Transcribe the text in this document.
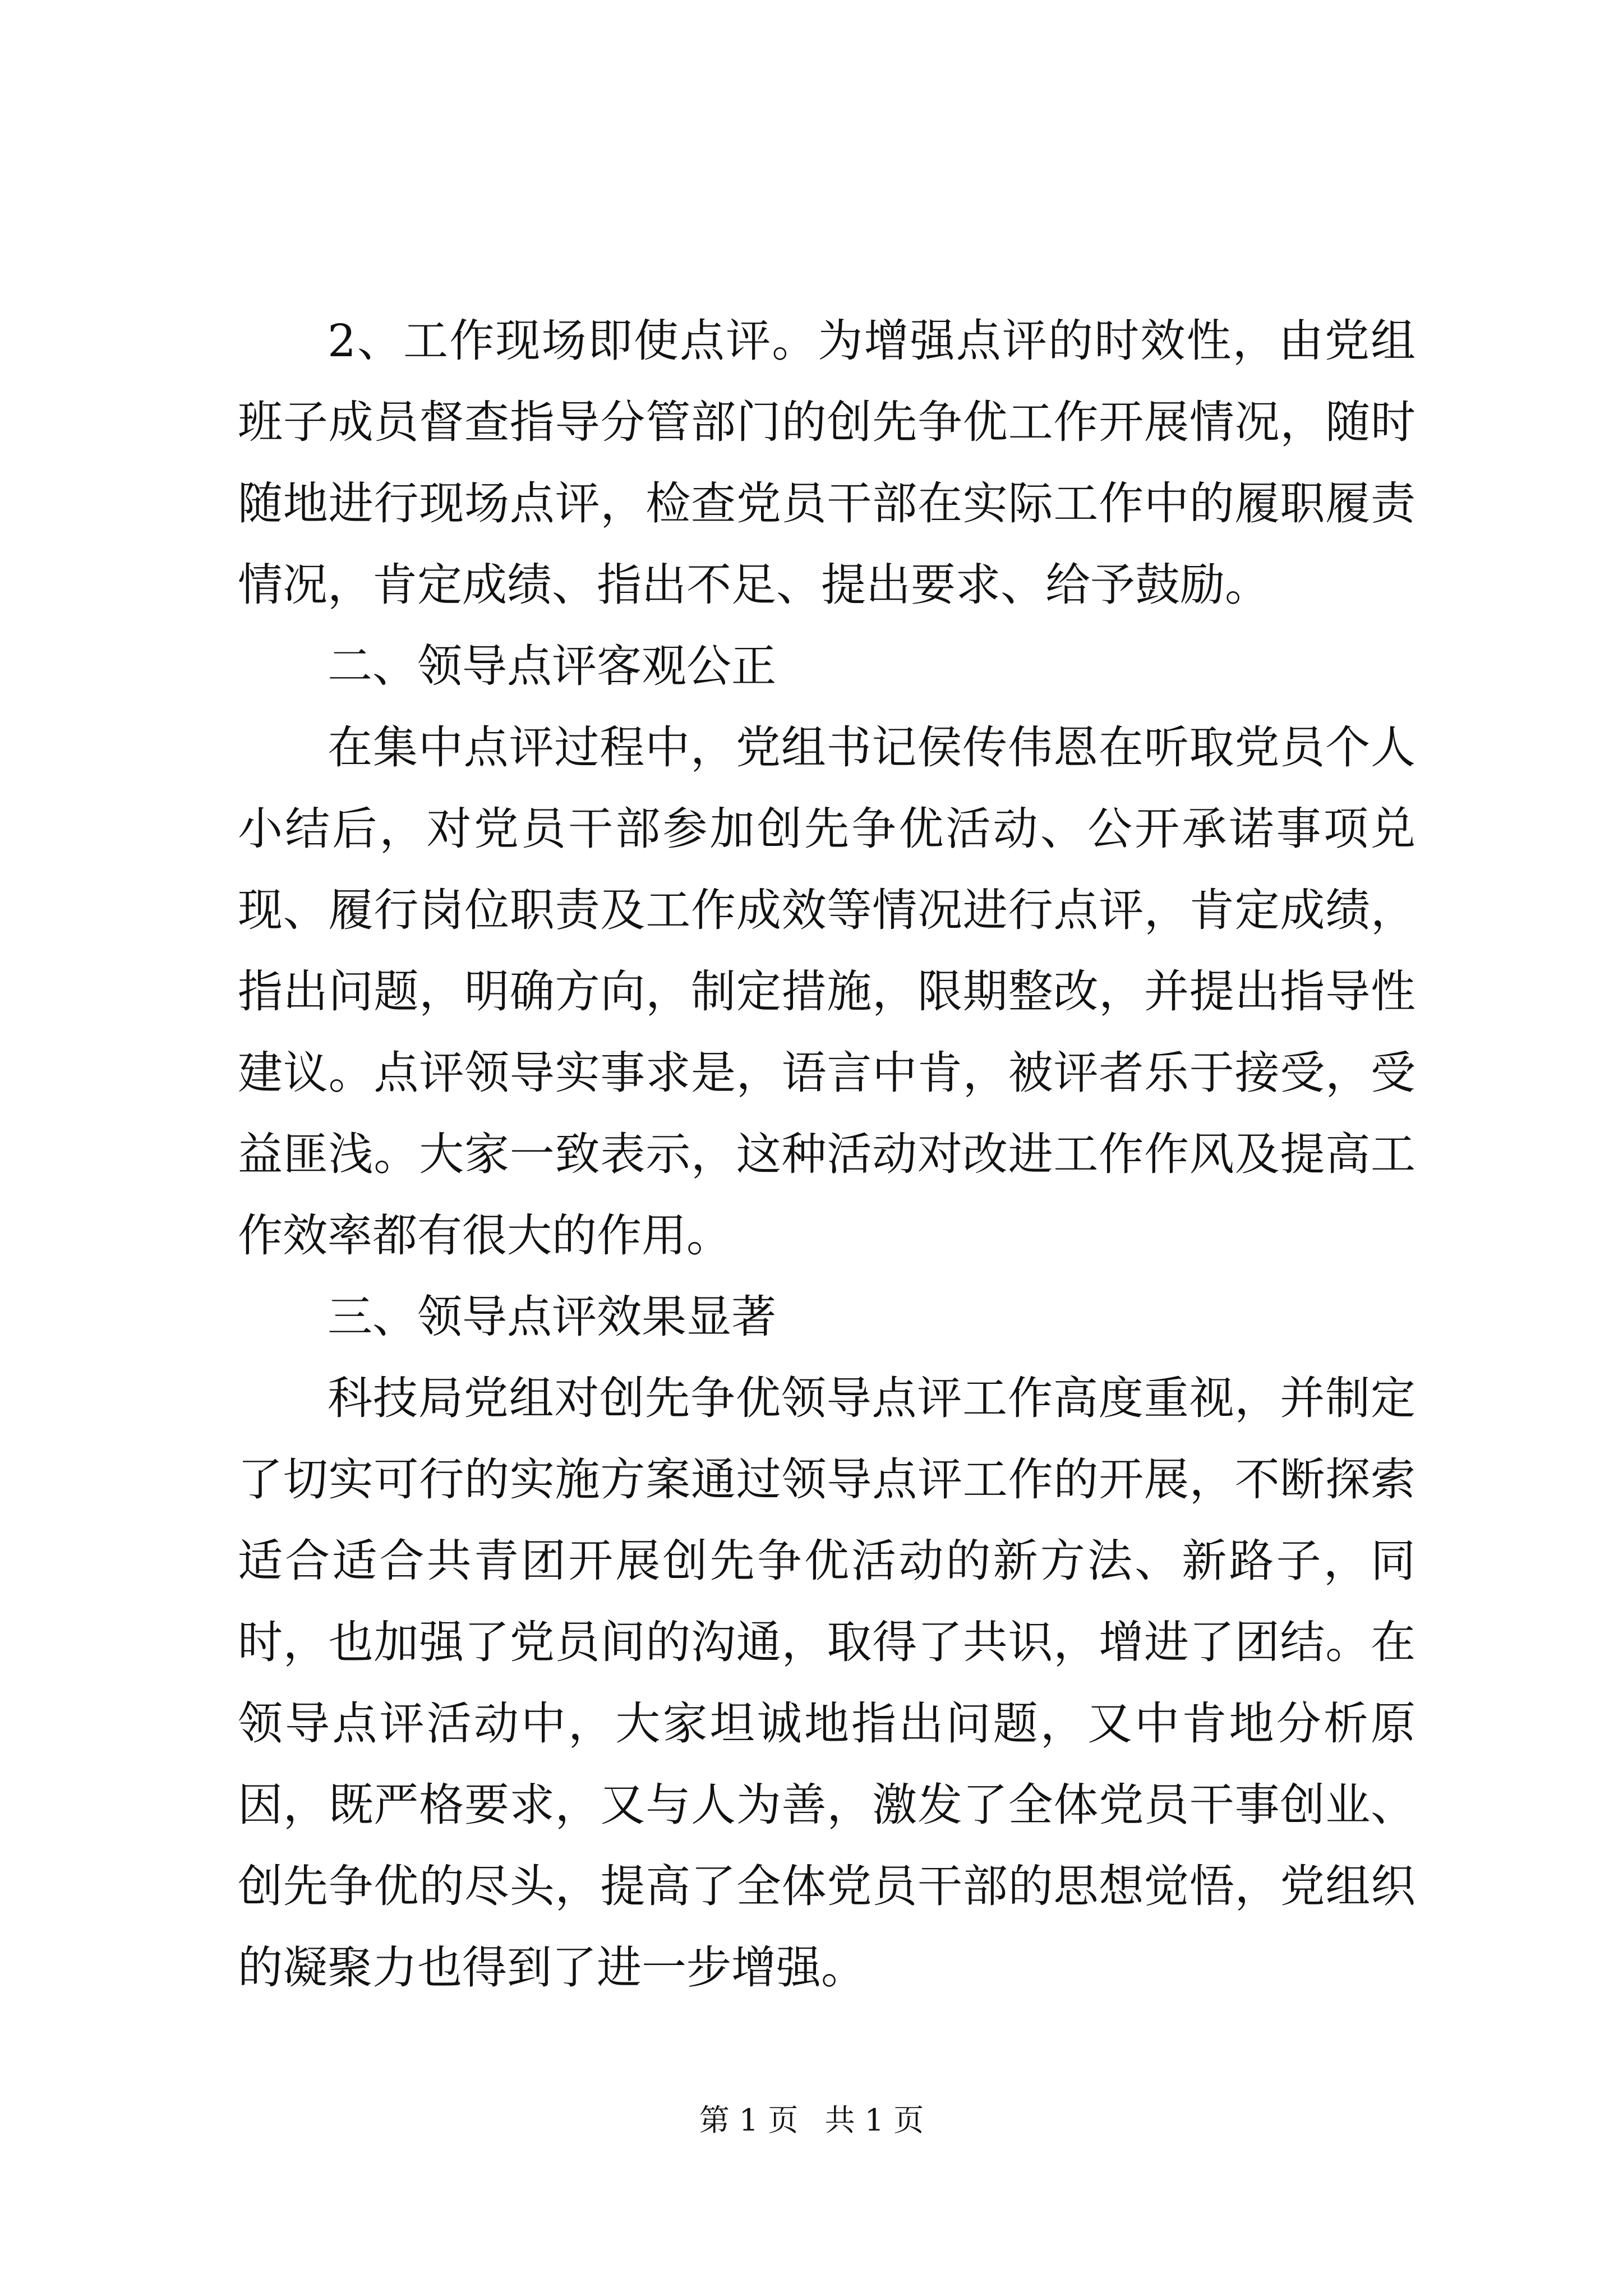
2、工作现场即使点评。为增强点评的时效性，由党组班子成员督查指导分管部门的创先争优工作开展情况，随时随地进行现场点评，检查党员干部在实际工作中的履职履责情况，肯定成绩、指出不足、提出要求、给予鼓励。

二、领导点评客观公正

在集中点评过程中，党组书记侯传伟恩在听取党员个人小结后，对党员干部参加创先争优活动、公开承诺事项兑现、履行岗位职责及工作成效等情况进行点评，肯定成绩，指出问题，明确方向，制定措施，限期整改，并提出指导性建议。点评领导实事求是，语言中肯，被评者乐于接受，受益匪浅。大家一致表示，这种活动对改进工作作风及提高工作效率都有很大的作用。

三、领导点评效果显著

科技局党组对创先争优领导点评工作高度重视，并制定了切实可行的实施方案通过领导点评工作的开展，不断探索适合适合共青团开展创先争优活动的新方法、新路子，同时，也加强了党员间的沟通，取得了共识，增进了团结。在领导点评活动中，大家坦诚地指出问题，又中肯地分析原因，既严格要求，又与人为善，激发了全体党员干事创业、创先争优的尽头，提高了全体党员干部的思想觉悟，党组织的凝聚力也得到了进一步增强。

第 1 页 共 1 页
